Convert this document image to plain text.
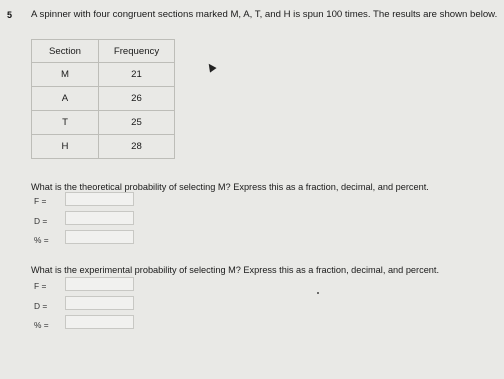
5 A spinner with four congruent sections marked M, A, T, and H is spun 100 times. The results are shown below.
Section	Frequency
M	21
A	26
T	25
H	28
What is the theoretical probability of selecting M? Express this as a fraction, decimal, and percent.
F =
D =
% =
What is the experimental probability of selecting M? Express this as a fraction, decimal, and percent.
F =
D =
% =
